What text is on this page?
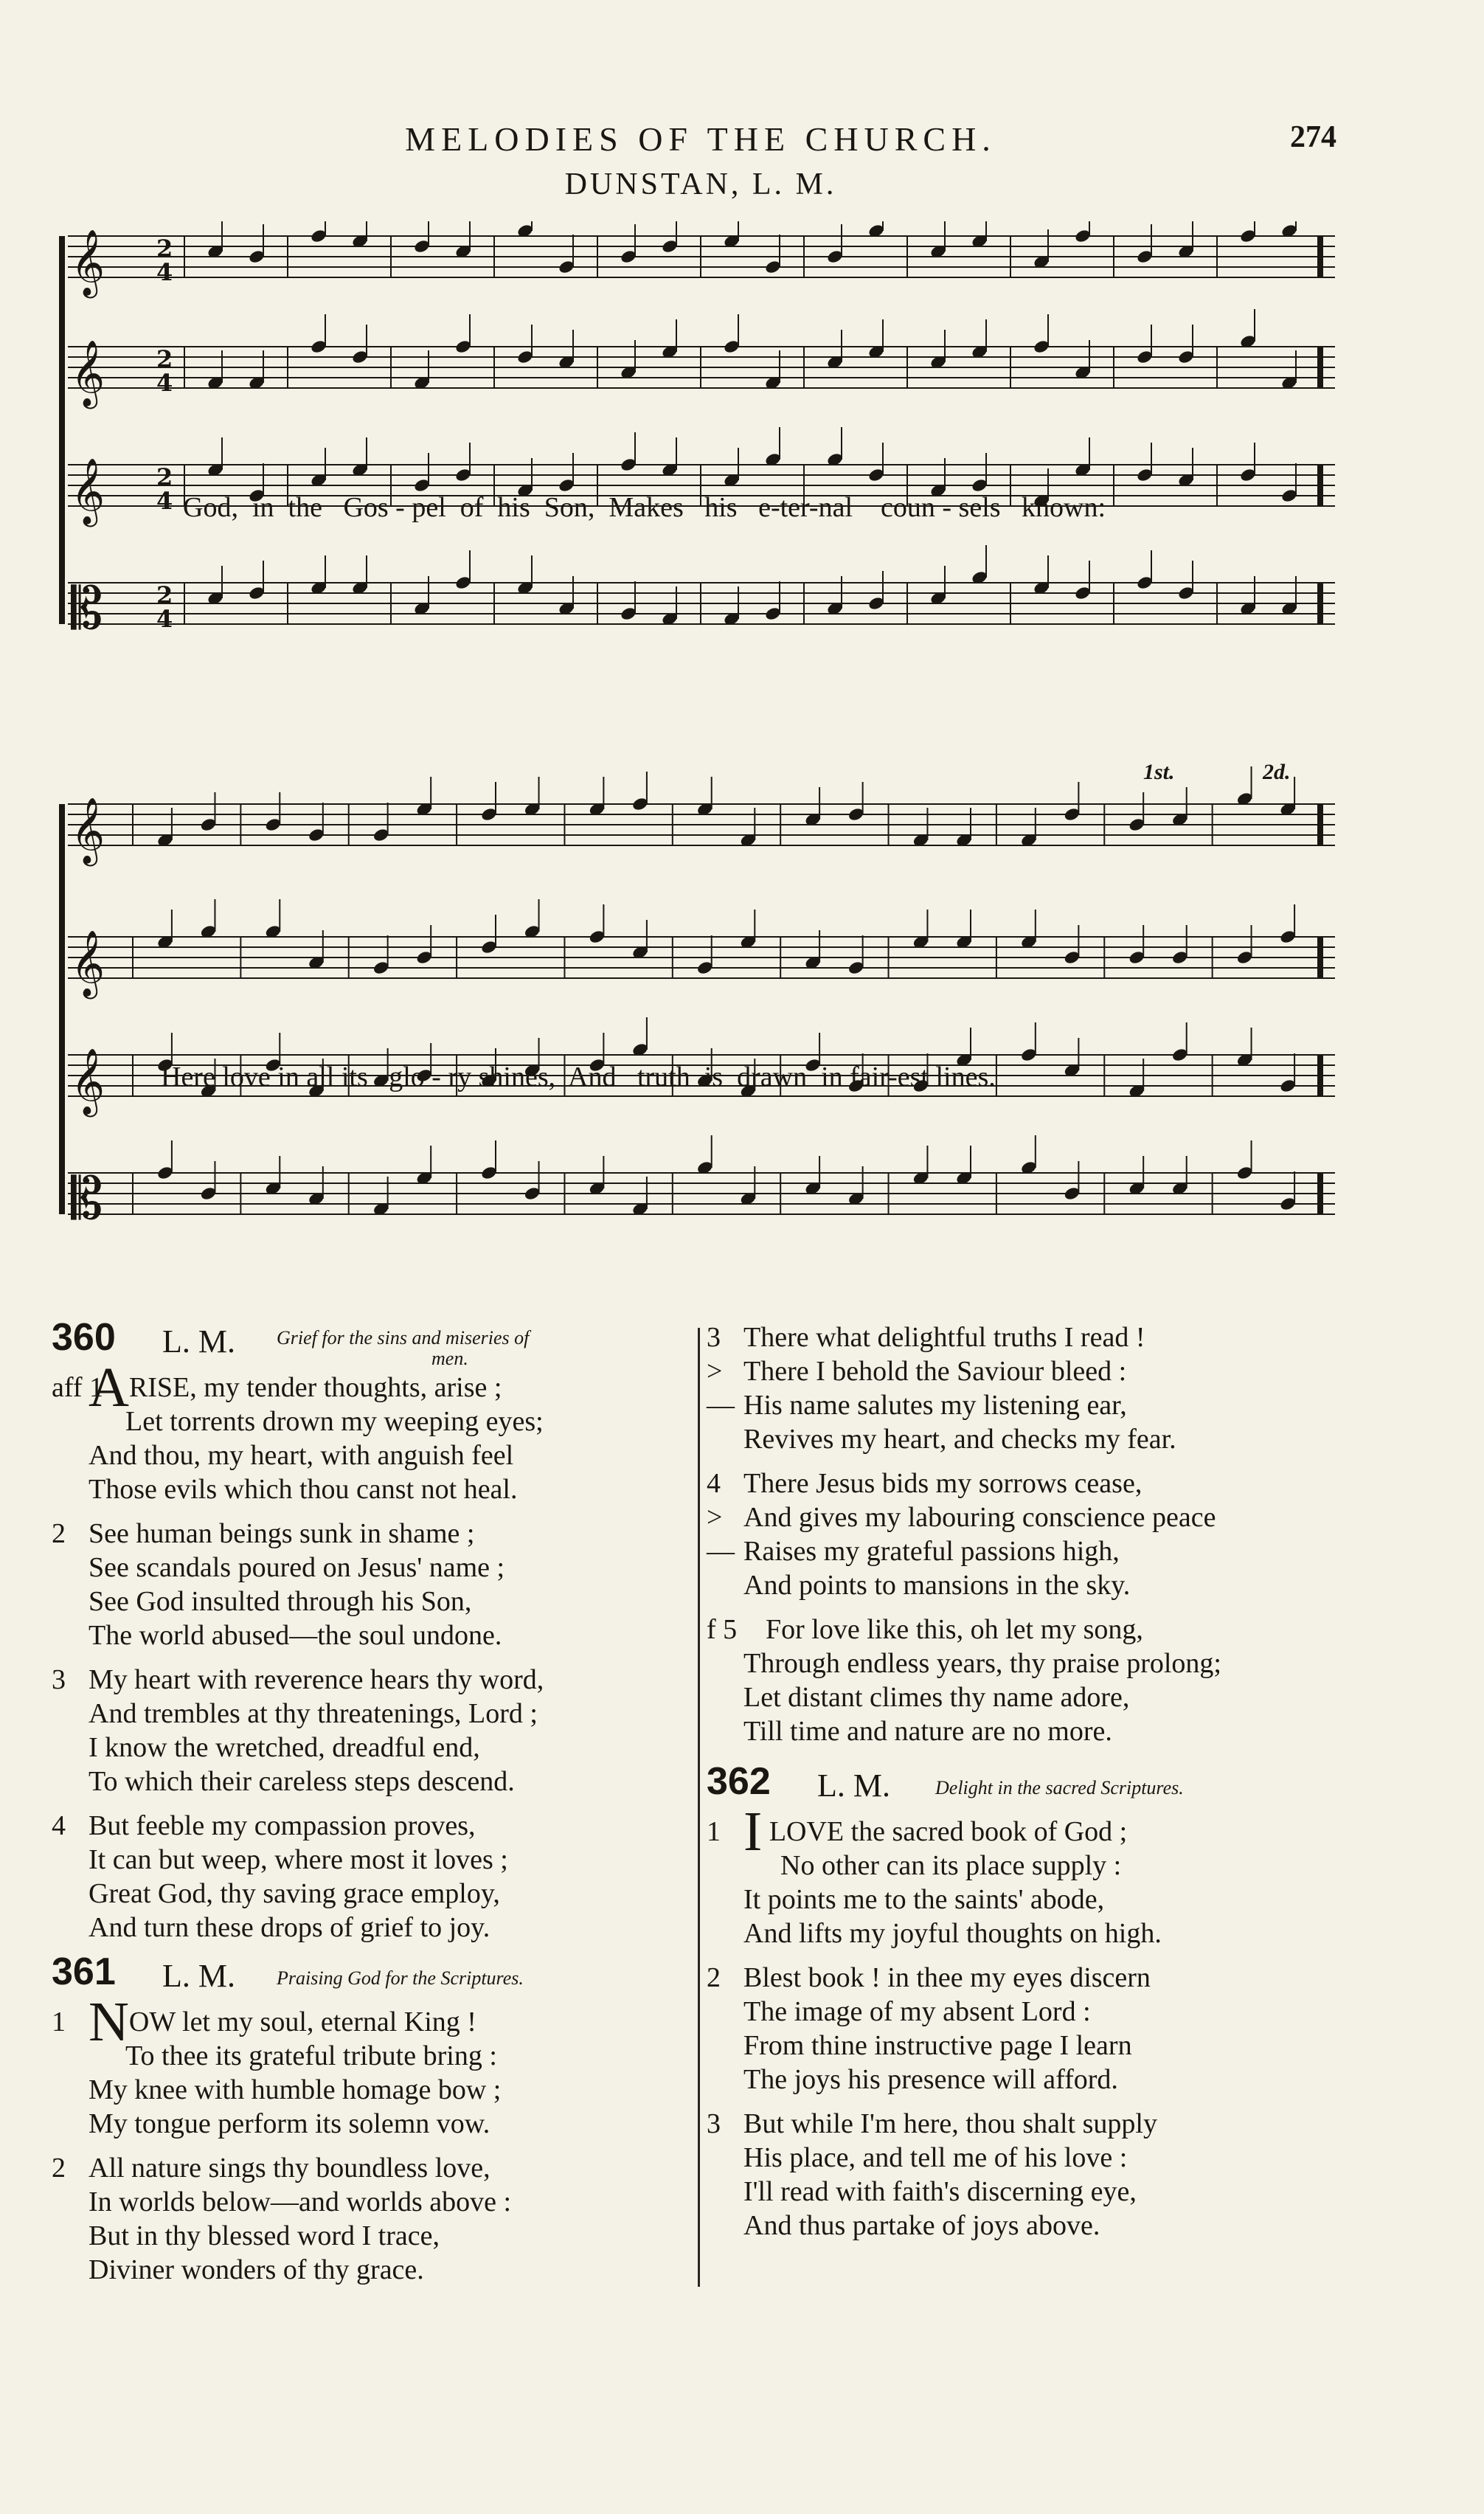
MELODIES OF THE CHURCH.	274
DUNSTAN, L. M.
𝄞 2
4
𝄞 2
4
𝄞 2
4
𝄡 2
4

God, in the Gos - pel of his Son, Makes his e-ter-nal coun - sels known:

𝄞
𝄞
𝄞
𝄡
1st.	2d.

Here love in all its glo - ry shines, And truth is drawn in fair-est lines.

360 L. M. Grief for the sins and miseries of
men.
aff 1
ARISE, my tender thoughts, arise ;
Let torrents drown my weeping eyes;
And thou, my heart, with anguish feel
Those evils which thou canst not heal.
2 See human beings sunk in shame ;
See scandals poured on Jesus' name ;
See God insulted through his Son,
The world abused—the soul undone.
3 My heart with reverence hears thy word,
And trembles at thy threatenings, Lord ;
I know the wretched, dreadful end,
To which their careless steps descend.
4 But feeble my compassion proves,
It can but weep, where most it loves ;
Great God, thy saving grace employ,
And turn these drops of grief to joy.
361 L. M. Praising God for the Scriptures.
1 NOW let my soul, eternal King !
To thee its grateful tribute bring :
My knee with humble homage bow ;
My tongue perform its solemn vow.
2 All nature sings thy boundless love,
In worlds below—and worlds above :
But in thy blessed word I trace,
Diviner wonders of thy grace.
3 There what delightful truths I read !
> There I behold the Saviour bleed :
— His name salutes my listening ear,
Revives my heart, and checks my fear.
4 There Jesus bids my sorrows cease,
> And gives my labouring conscience peace
— Raises my grateful passions high,
And points to mansions in the sky.
f 5 For love like this, oh let my song,
Through endless years, thy praise prolong;
Let distant climes thy name adore,
Till time and nature are no more.
362 L. M. Delight in the sacred Scriptures.
1 I LOVE the sacred book of God ;
No other can its place supply :
It points me to the saints' abode,
And lifts my joyful thoughts on high.
2 Blest book ! in thee my eyes discern
The image of my absent Lord :
From thine instructive page I learn
The joys his presence will afford.
3 But while I'm here, thou shalt supply
His place, and tell me of his love :
I'll read with faith's discerning eye,
And thus partake of joys above.
